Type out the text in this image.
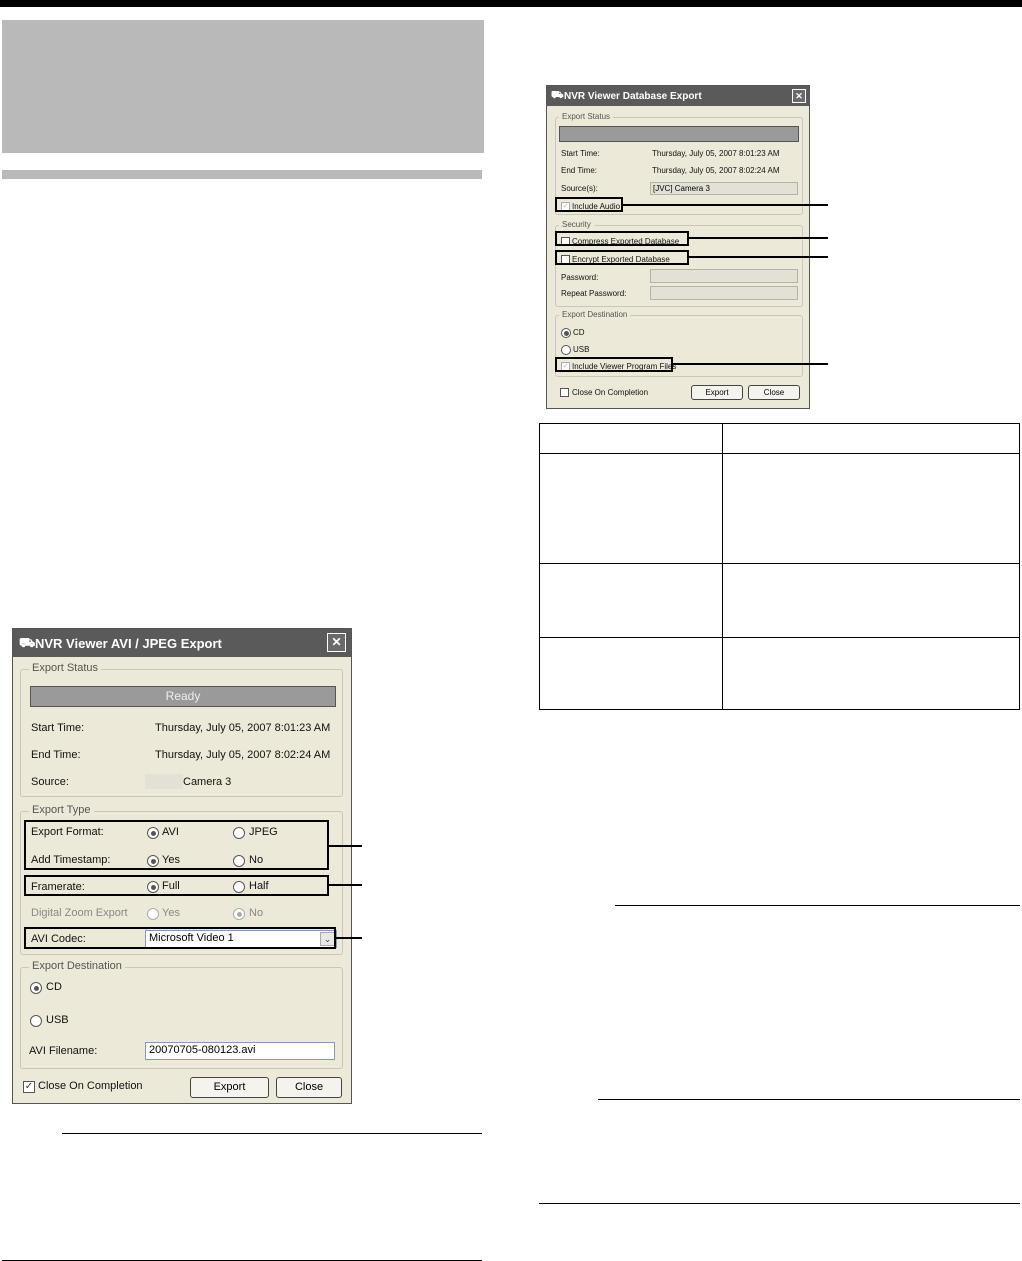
⛟ NVR Viewer AVI / JPEG Export	✕
Export Status
Ready
Start Time:	Thursday, July 05, 2007 8:01:23 AM
End Time:	Thursday, July 05, 2007 8:02:24 AM
Source:	Camera 3
Export Type
Export Format:	AVI	JPEG
Add Timestamp:	Yes	No
Framerate:	Full	Half
Digital Zoom Export	Yes	No
AVI Codec:	Microsoft Video 1	⌄
Export Destination
CD
USB
AVI Filename:	20070705-080123.avi
✓ Close On Completion	Export	Close
⛟ NVR Viewer Database Export	✕
Export Status
Start Time:	Thursday, July 05, 2007 8:01:23 AM
End Time:	Thursday, July 05, 2007 8:02:24 AM
Source(s):	[JVC] Camera 3
✓ Include Audio
Security
Compress Exported Database
Encrypt Exported Database
Password:
Repeat Password:
Export Destination
CD
USB
✓ Include Viewer Program Files
Close On Completion	Export	Close
